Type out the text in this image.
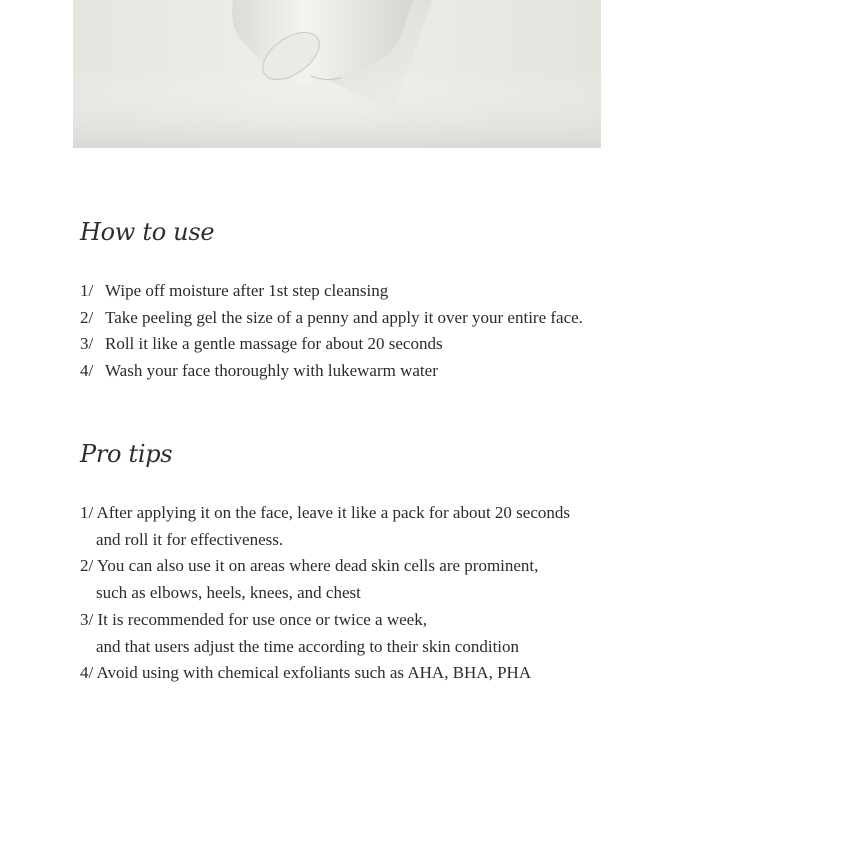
How to use
1/ Wipe off moisture after 1st step cleansing
2/ Take peeling gel the size of a penny and apply it over your entire face.
3/ Roll it like a gentle massage for about 20 seconds
4/ Wash your face thoroughly with lukewarm water
Pro tips
1/ After applying it on the face, leave it like a pack for about 20 seconds
and roll it for effectiveness.
2/ You can also use it on areas where dead skin cells are prominent,
such as elbows, heels, knees, and chest
3/ It is recommended for use once or twice a week,
and that users adjust the time according to their skin condition
4/ Avoid using with chemical exfoliants such as AHA, BHA, PHA
